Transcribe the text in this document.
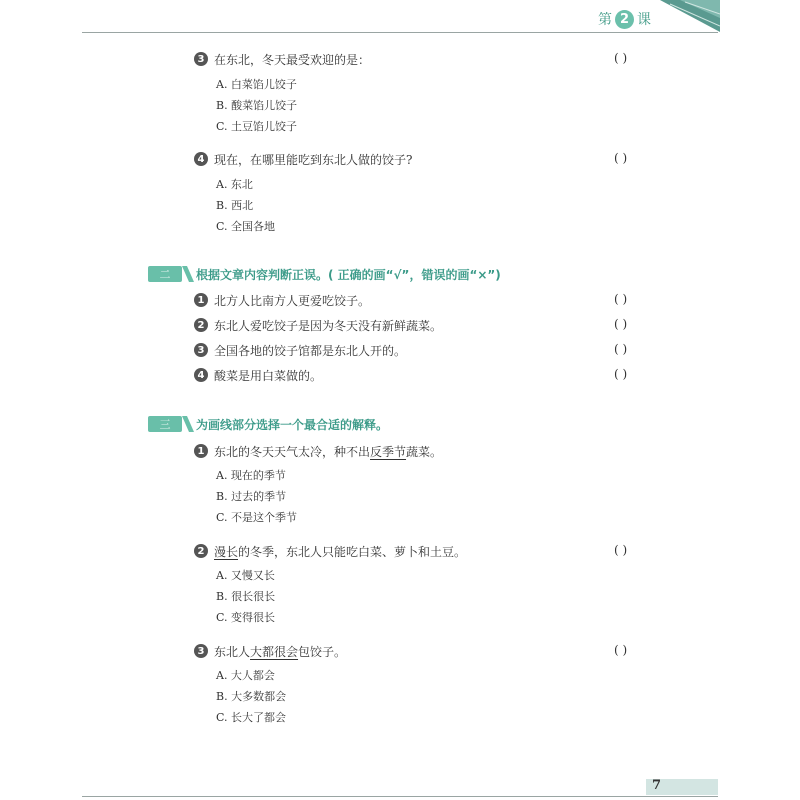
第 2 课
3 在东北，冬天最受欢迎的是：	( )
A. 白菜馅儿饺子
B. 酸菜馅儿饺子
C. 土豆馅儿饺子
4 现在，在哪里能吃到东北人做的饺子?	( )
A. 东北
B. 西北
C. 全国各地
二	根据文章内容判断正误。( 正确的画“√”，错误的画“×”)
1 北方人比南方人更爱吃饺子。	( )
2 东北人爱吃饺子是因为冬天没有新鲜蔬菜。	( )
3 全国各地的饺子馆都是东北人开的。	( )
4 酸菜是用白菜做的。	( )
三	为画线部分选择一个最合适的解释。
1 东北的冬天天气太冷，种不出反季节蔬菜。
A. 现在的季节
B. 过去的季节
C. 不是这个季节
2 漫长的冬季，东北人只能吃白菜、萝卜和土豆。	( )
A. 又慢又长
B. 很长很长
C. 变得很长
3 东北人大都很会包饺子。	( )
A. 大人都会
B. 大多数都会
C. 长大了都会
7
